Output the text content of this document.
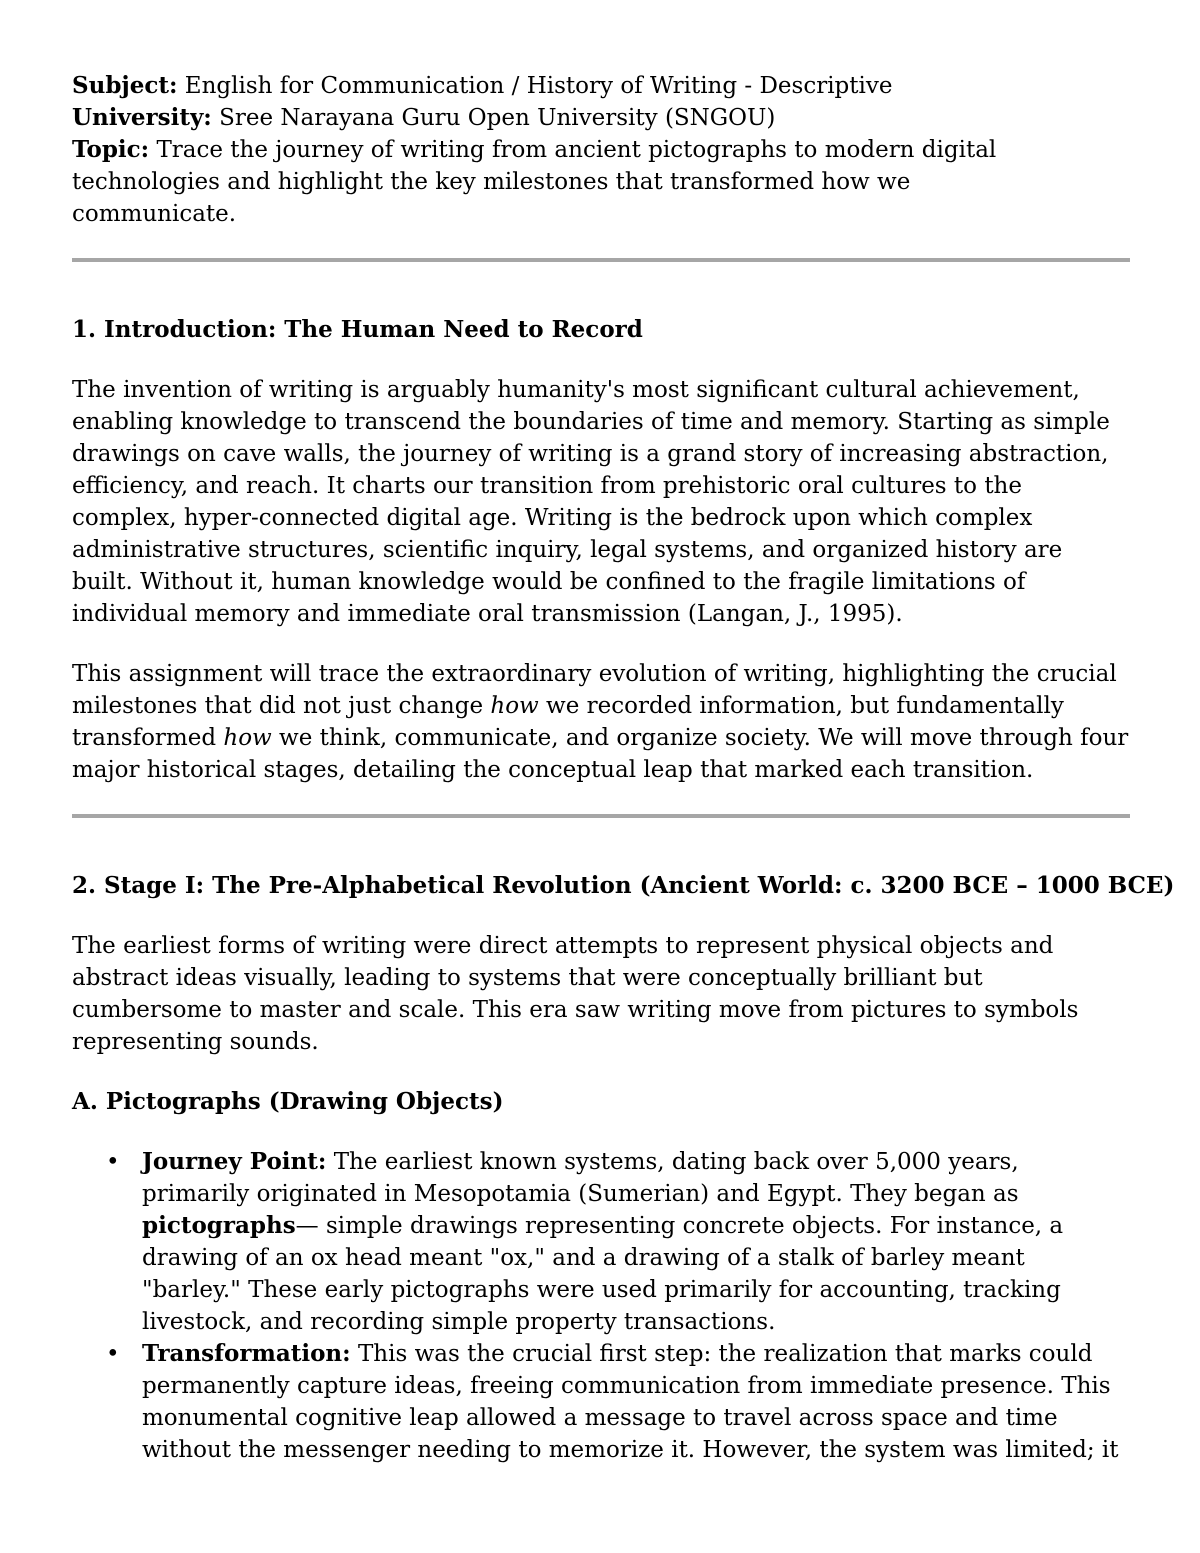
Subject: English for Communication / History of Writing - Descriptive
University: Sree Narayana Guru Open University (SNGOU)
Topic: Trace the journey of writing from ancient pictographs to modern digital technologies and highlight the key milestones that transformed how we communicate.
1. Introduction: The Human Need to Record

The invention of writing is arguably humanity's most significant cultural achievement, enabling knowledge to transcend the boundaries of time and memory. Starting as simple drawings on cave walls, the journey of writing is a grand story of increasing abstraction, efficiency, and reach. It charts our transition from prehistoric oral cultures to the complex, hyper-connected digital age. Writing is the bedrock upon which complex administrative structures, scientific inquiry, legal systems, and organized history are built. Without it, human knowledge would be confined to the fragile limitations of individual memory and immediate oral transmission (Langan, J., 1995).

This assignment will trace the extraordinary evolution of writing, highlighting the crucial milestones that did not just change how we recorded information, but fundamentally transformed how we think, communicate, and organize society. We will move through four major historical stages, detailing the conceptual leap that marked each transition.

2. Stage I: The Pre-Alphabetical Revolution (Ancient World: c. 3200 BCE – 1000 BCE)

The earliest forms of writing were direct attempts to represent physical objects and abstract ideas visually, leading to systems that were conceptually brilliant but cumbersome to master and scale. This era saw writing move from pictures to symbols representing sounds.

A. Pictographs (Drawing Objects)
• Journey Point: The earliest known systems, dating back over 5,000 years, primarily originated in Mesopotamia (Sumerian) and Egypt. They began as pictographs— simple drawings representing concrete objects. For instance, a drawing of an ox head meant "ox," and a drawing of a stalk of barley meant "barley." These early pictographs were used primarily for accounting, tracking livestock, and recording simple property transactions.
• Transformation: This was the crucial first step: the realization that marks could permanently capture ideas, freeing communication from immediate presence. This monumental cognitive leap allowed a message to travel across space and time without the messenger needing to memorize it. However, the system was limited; it
